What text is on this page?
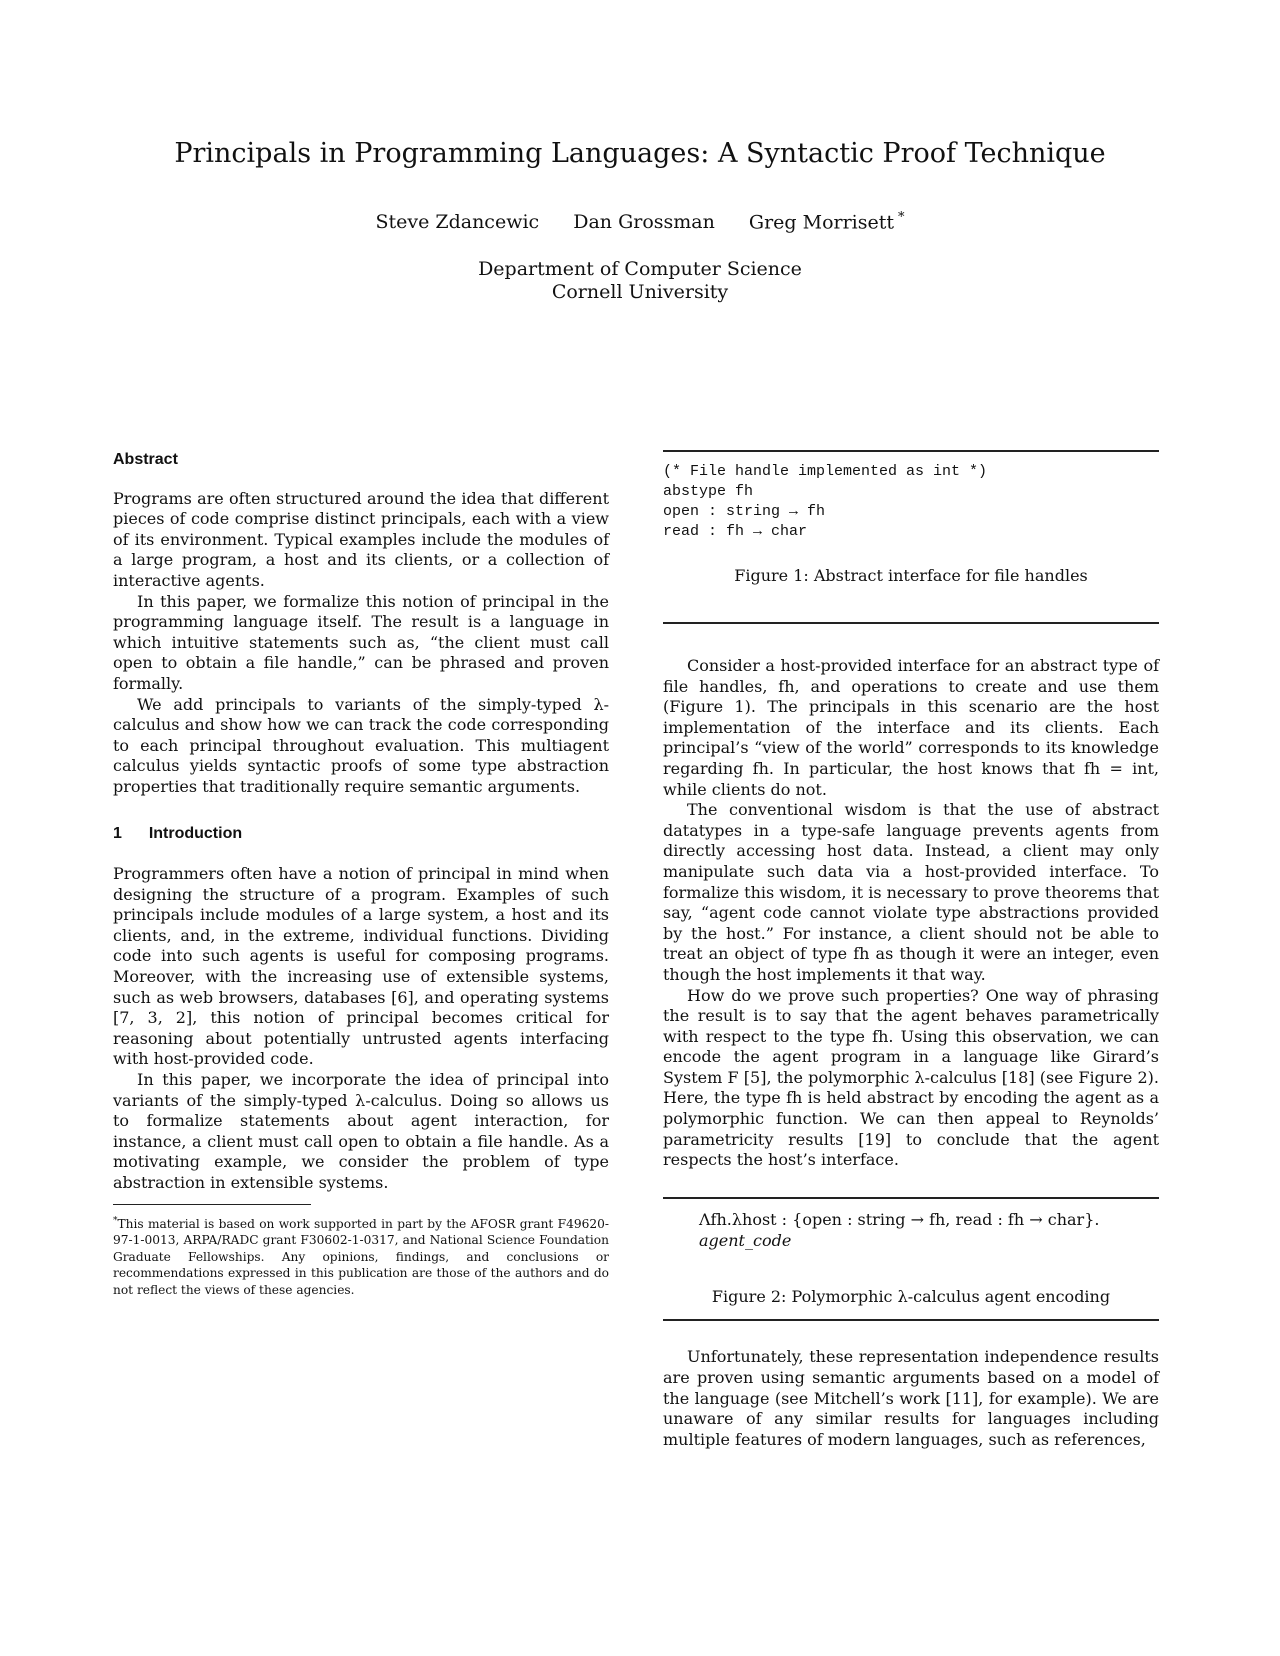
Principals in Programming Languages: A Syntactic Proof Technique
Steve Zdancewic Dan Grossman Greg Morrisett *
Department of Computer Science
Cornell University
Abstract

Programs are often structured around the idea that different pieces of code comprise distinct principals, each with a view of its environment. Typical examples include the modules of a large program, a host and its clients, or a collection of interactive agents.

In this paper, we formalize this notion of principal in the programming language itself. The result is a language in which intuitive statements such as, “the client must call open to obtain a file handle,” can be phrased and proven formally.

We add principals to variants of the simply-typed λ-calculus and show how we can track the code corresponding to each principal throughout evaluation. This multiagent calculus yields syntactic proofs of some type abstraction properties that traditionally require semantic arguments.

1 Introduction

Programmers often have a notion of principal in mind when designing the structure of a program. Examples of such principals include modules of a large system, a host and its clients, and, in the extreme, individual functions. Dividing code into such agents is useful for composing programs. Moreover, with the increasing use of extensible systems, such as web browsers, databases [6], and operating systems [7, 3, 2], this notion of principal becomes critical for reasoning about potentially untrusted agents interfacing with host-provided code.

In this paper, we incorporate the idea of principal into variants of the simply-typed λ-calculus. Doing so allows us to formalize statements about agent interaction, for instance, a client must call open to obtain a file handle. As a motivating example, we consider the problem of type abstraction in extensible systems.

*This material is based on work supported in part by the AFOSR grant F49620-97-1-0013, ARPA/RADC grant F30602-1-0317, and National Science Foundation Graduate Fellowships. Any opinions, findings, and conclusions or recommendations expressed in this publication are those of the authors and do not reflect the views of these agencies.
(* File handle implemented as int *)
abstype fh
open : string → fh
read : fh → char
Figure 1: Abstract interface for file handles

Consider a host-provided interface for an abstract type of file handles, fh, and operations to create and use them (Figure 1). The principals in this scenario are the host implementation of the interface and its clients. Each principal’s “view of the world” corresponds to its knowledge regarding fh. In particular, the host knows that fh = int, while clients do not.

The conventional wisdom is that the use of abstract datatypes in a type-safe language prevents agents from directly accessing host data. Instead, a client may only manipulate such data via a host-provided interface. To formalize this wisdom, it is necessary to prove theorems that say, “agent code cannot violate type abstractions provided by the host.” For instance, a client should not be able to treat an object of type fh as though it were an integer, even though the host implements it that way.

How do we prove such properties? One way of phrasing the result is to say that the agent behaves parametrically with respect to the type fh. Using this observation, we can encode the agent program in a language like Girard’s System F [5], the polymorphic λ-calculus [18] (see Figure 2). Here, the type fh is held abstract by encoding the agent as a polymorphic function. We can then appeal to Reynolds’ parametricity results [19] to conclude that the agent respects the host’s interface.

Λfh.λhost : {open : string → fh, read : fh → char}.
agent_code
Figure 2: Polymorphic λ-calculus agent encoding

Unfortunately, these representation independence results are proven using semantic arguments based on a model of the language (see Mitchell’s work [11], for example). We are unaware of any similar results for languages including multiple features of modern languages, such as references,
